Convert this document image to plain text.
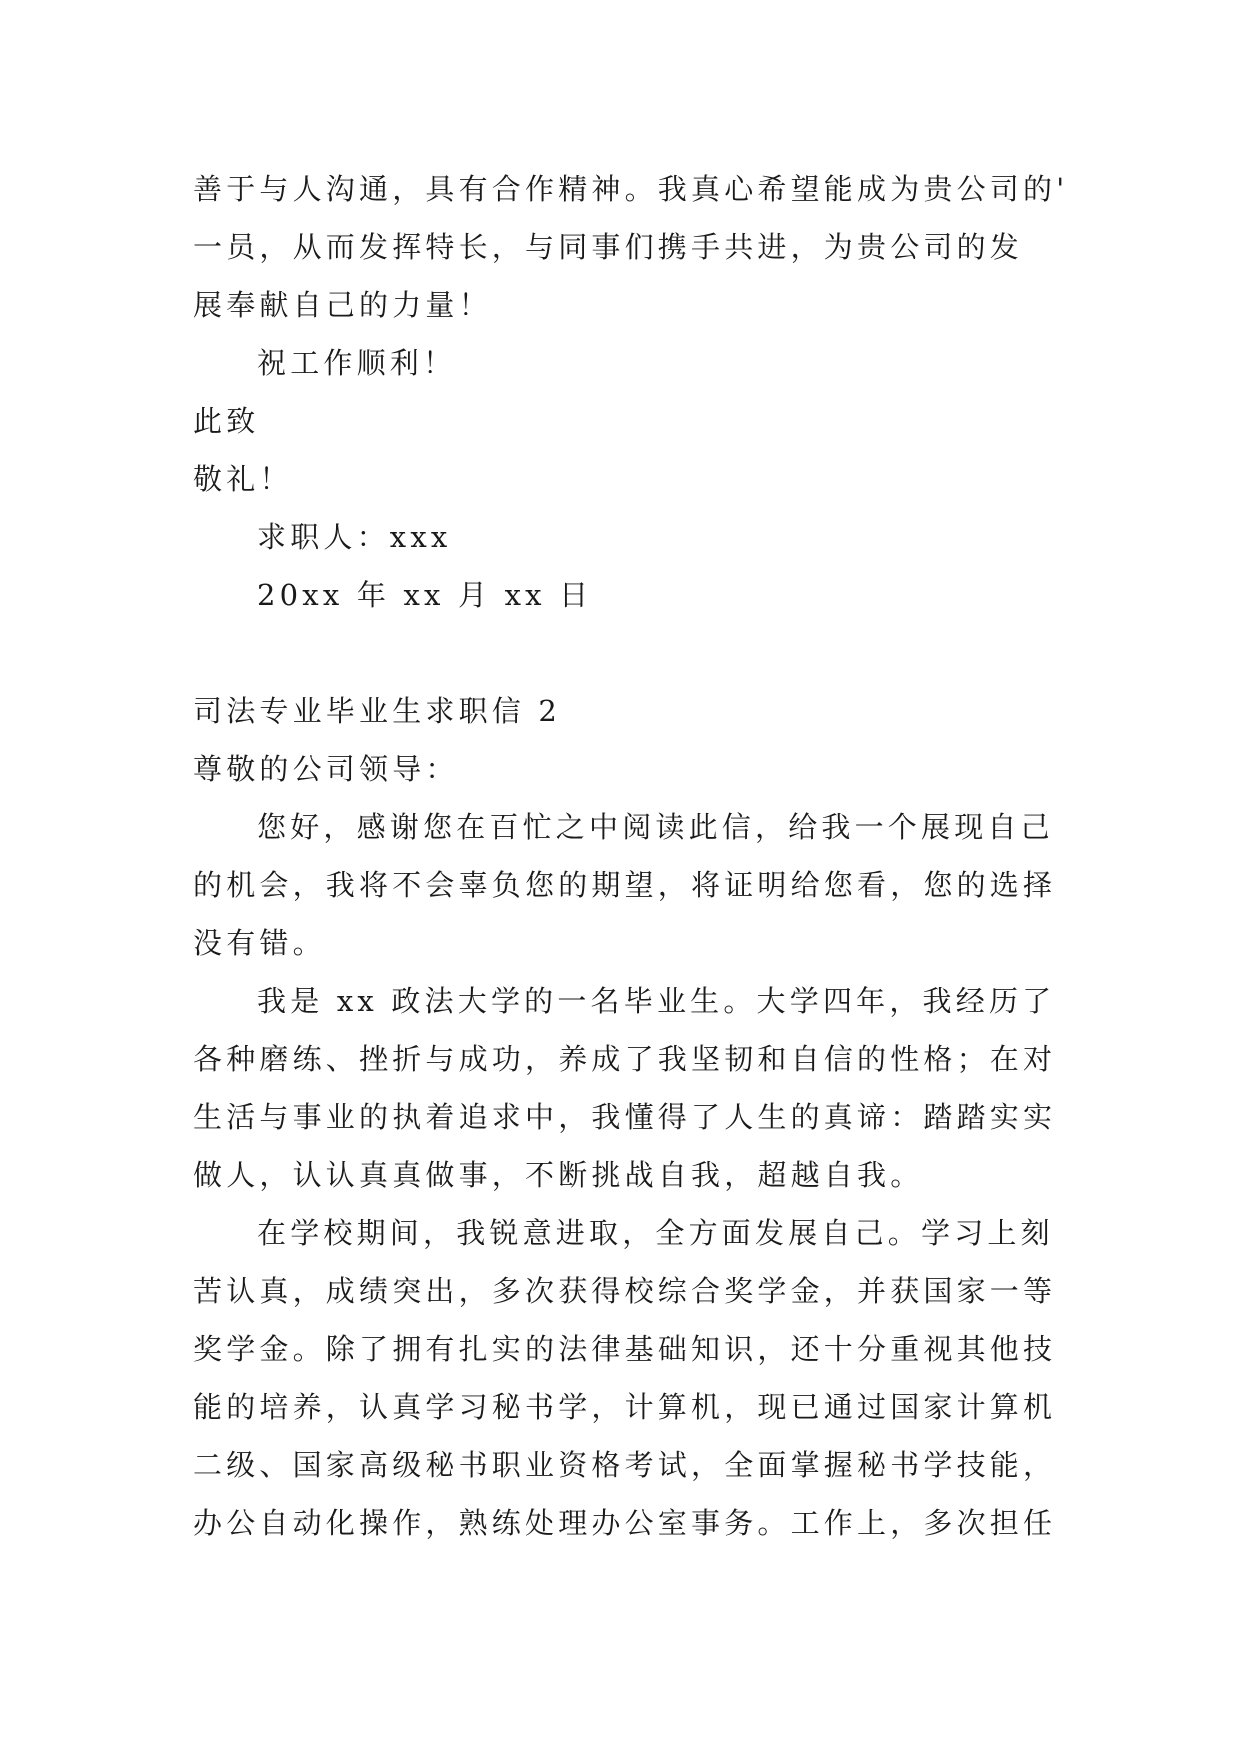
善于与人沟通，具有合作精神。我真心希望能成为贵公司的'
一员，从而发挥特长，与同事们携手共进，为贵公司的发
展奉献自己的力量！
祝工作顺利！
此致
敬礼！
求职人：xxx
20xx 年 xx 月 xx 日
司法专业毕业生求职信 2
尊敬的公司领导：
您好，感谢您在百忙之中阅读此信，给我一个展现自己
的机会，我将不会辜负您的期望，将证明给您看，您的选择
没有错。
我是 xx 政法大学的一名毕业生。大学四年，我经历了
各种磨练、挫折与成功，养成了我坚韧和自信的性格；在对
生活与事业的执着追求中，我懂得了人生的真谛：踏踏实实
做人，认认真真做事，不断挑战自我，超越自我。
在学校期间，我锐意进取，全方面发展自己。学习上刻
苦认真，成绩突出，多次获得校综合奖学金，并获国家一等
奖学金。除了拥有扎实的法律基础知识，还十分重视其他技
能的培养，认真学习秘书学，计算机，现已通过国家计算机
二级、国家高级秘书职业资格考试，全面掌握秘书学技能，
办公自动化操作，熟练处理办公室事务。工作上，多次担任
